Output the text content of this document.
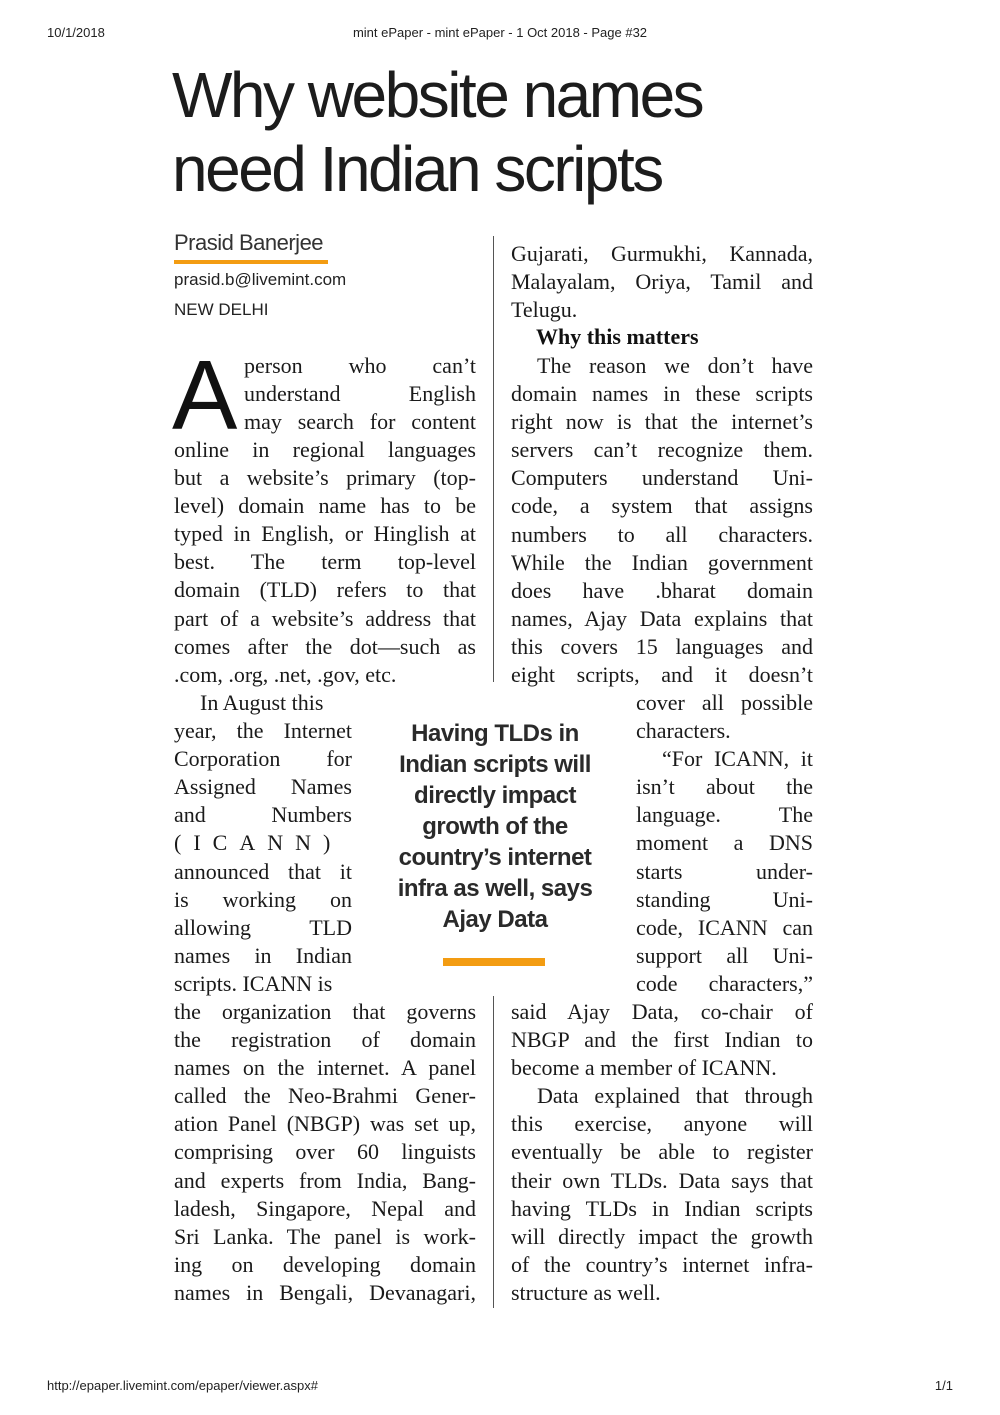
10/1/2018	mint ePaper - mint ePaper - 1 Oct 2018 - Page #32
Why website names
need Indian scripts
Prasid Banerjee
prasid.b@livemint.com
NEW DELHI
A person who can’t
understand English
may search for content
online in regional languages
but a website’s primary (top-
level) domain name has to be
typed in English, or Hinglish at
best. The term top-level
domain (TLD) refers to that
part of a website’s address that
comes after the dot—such as
.com, .org, .net, .gov, etc.
In August this
year, the Internet
Corporation for
Assigned Names
and Numbers
(ICANN)
announced that it
is working on
allowing TLD
names in Indian
scripts. ICANN is
the organization that governs
the registration of domain
names on the internet. A panel
called the Neo-Brahmi Gener-
ation Panel (NBGP) was set up,
comprising over 60 linguists
and experts from India, Bang-
ladesh, Singapore, Nepal and
Sri Lanka. The panel is work-
ing on developing domain
names in Bengali, Devanagari,
Gujarati, Gurmukhi, Kannada,
Malayalam, Oriya, Tamil and
Telugu.
Why this matters
The reason we don’t have
domain names in these scripts
right now is that the internet’s
servers can’t recognize them.
Computers understand Uni-
code, a system that assigns
numbers to all characters.
While the Indian government
does have .bharat domain
names, Ajay Data explains that
this covers 15 languages and
eight scripts, and it doesn’t
cover all possible
characters.
“For ICANN, it
isn’t about the
language. The
moment a DNS
starts under-
standing Uni-
code, ICANN can
support all Uni-
code characters,”
said Ajay Data, co-chair of
NBGP and the first Indian to
become a member of ICANN.
Data explained that through
this exercise, anyone will
eventually be able to register
their own TLDs. Data says that
having TLDs in Indian scripts
will directly impact the growth
of the country’s internet infra-
structure as well.
Having TLDs in Indian scripts will directly impact growth of the country’s internet infra as well, says Ajay Data
http://epaper.livemint.com/epaper/viewer.aspx#	1/1
